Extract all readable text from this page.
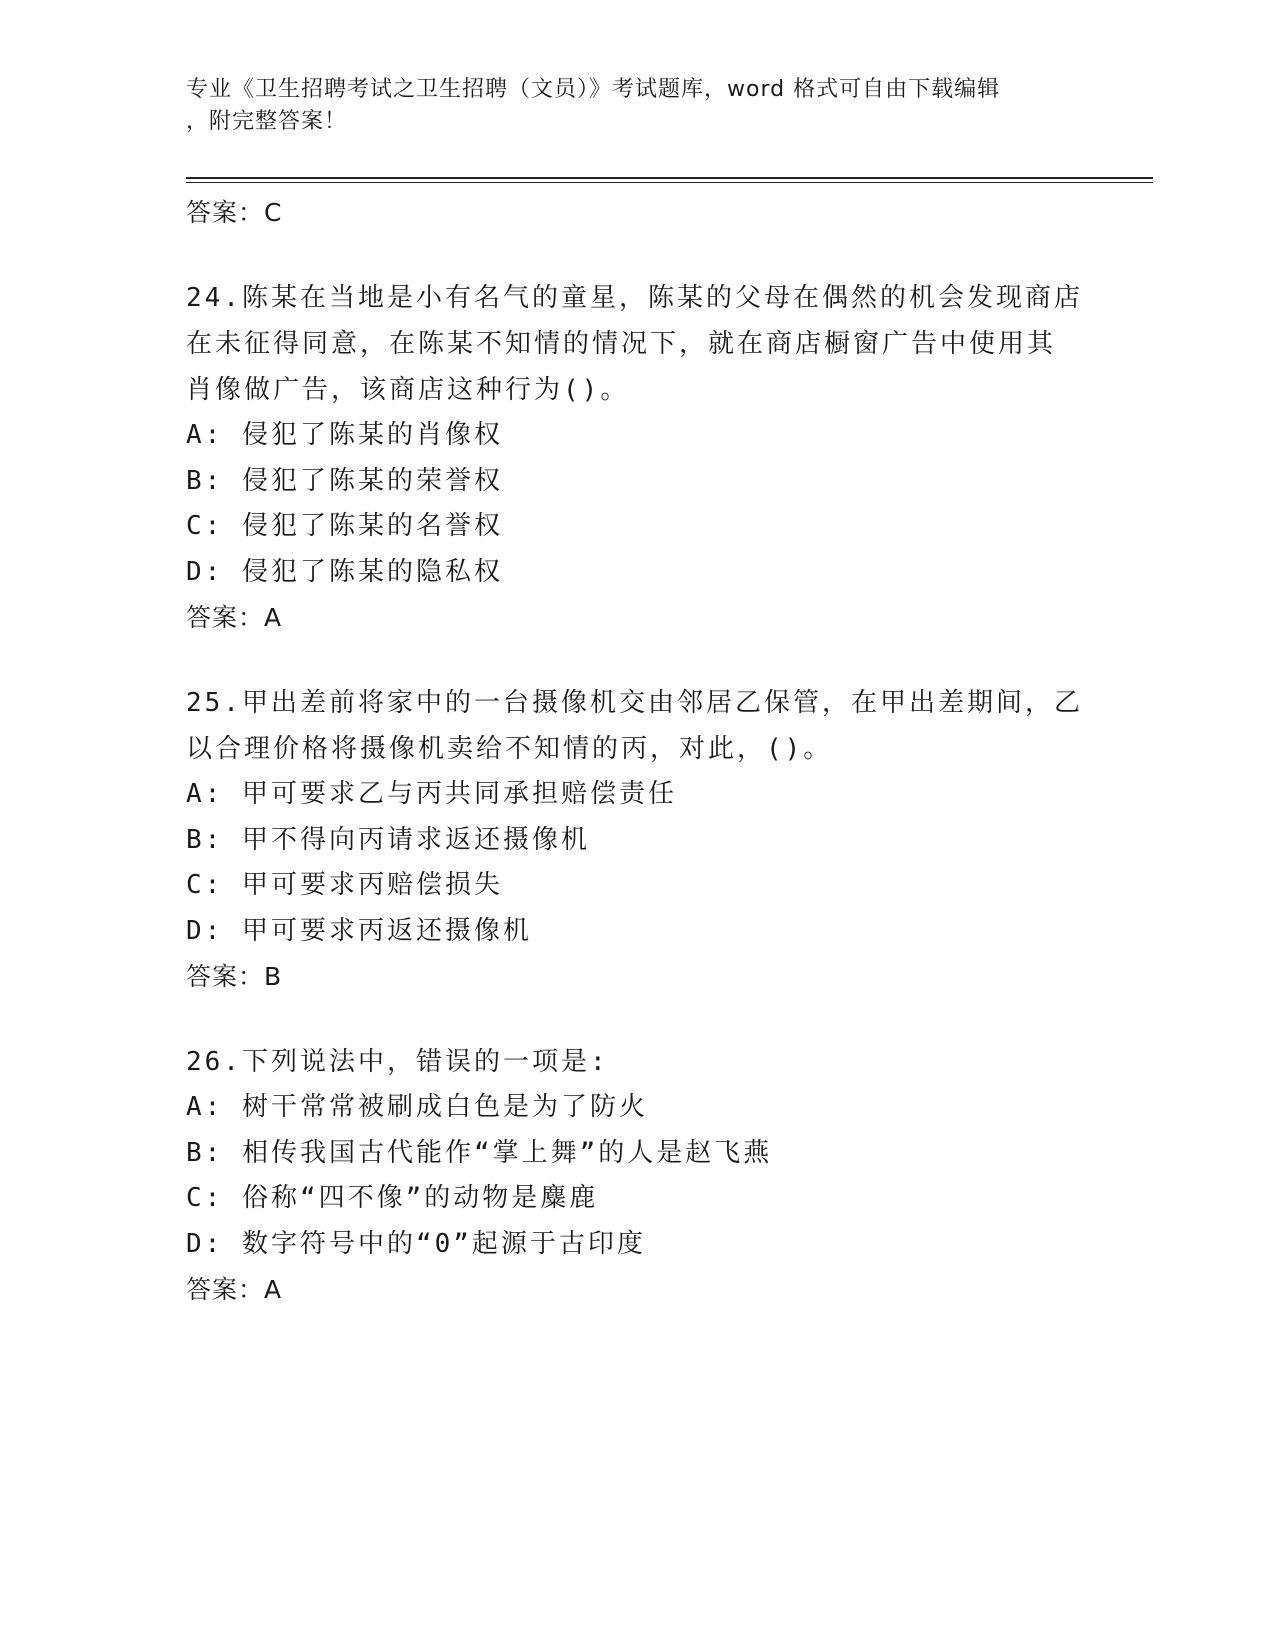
专业《卫生招聘考试之卫生招聘（文员）》考试题库，word 格式可自由下载编辑
，附完整答案！
答案：C
24.陈某在当地是小有名气的童星，陈某的父母在偶然的机会发现商店
在未征得同意，在陈某不知情的情况下，就在商店橱窗广告中使用其
肖像做广告，该商店这种行为()。
A: 侵犯了陈某的肖像权
B: 侵犯了陈某的荣誉权
C: 侵犯了陈某的名誉权
D: 侵犯了陈某的隐私权
答案：A
25.甲出差前将家中的一台摄像机交由邻居乙保管，在甲出差期间，乙
以合理价格将摄像机卖给不知情的丙，对此，()。
A: 甲可要求乙与丙共同承担赔偿责任
B: 甲不得向丙请求返还摄像机
C: 甲可要求丙赔偿损失
D: 甲可要求丙返还摄像机
答案：B
26.下列说法中，错误的一项是:
A: 树干常常被刷成白色是为了防火
B: 相传我国古代能作“掌上舞”的人是赵飞燕
C: 俗称“四不像”的动物是麋鹿
D: 数字符号中的“0”起源于古印度
答案：A
